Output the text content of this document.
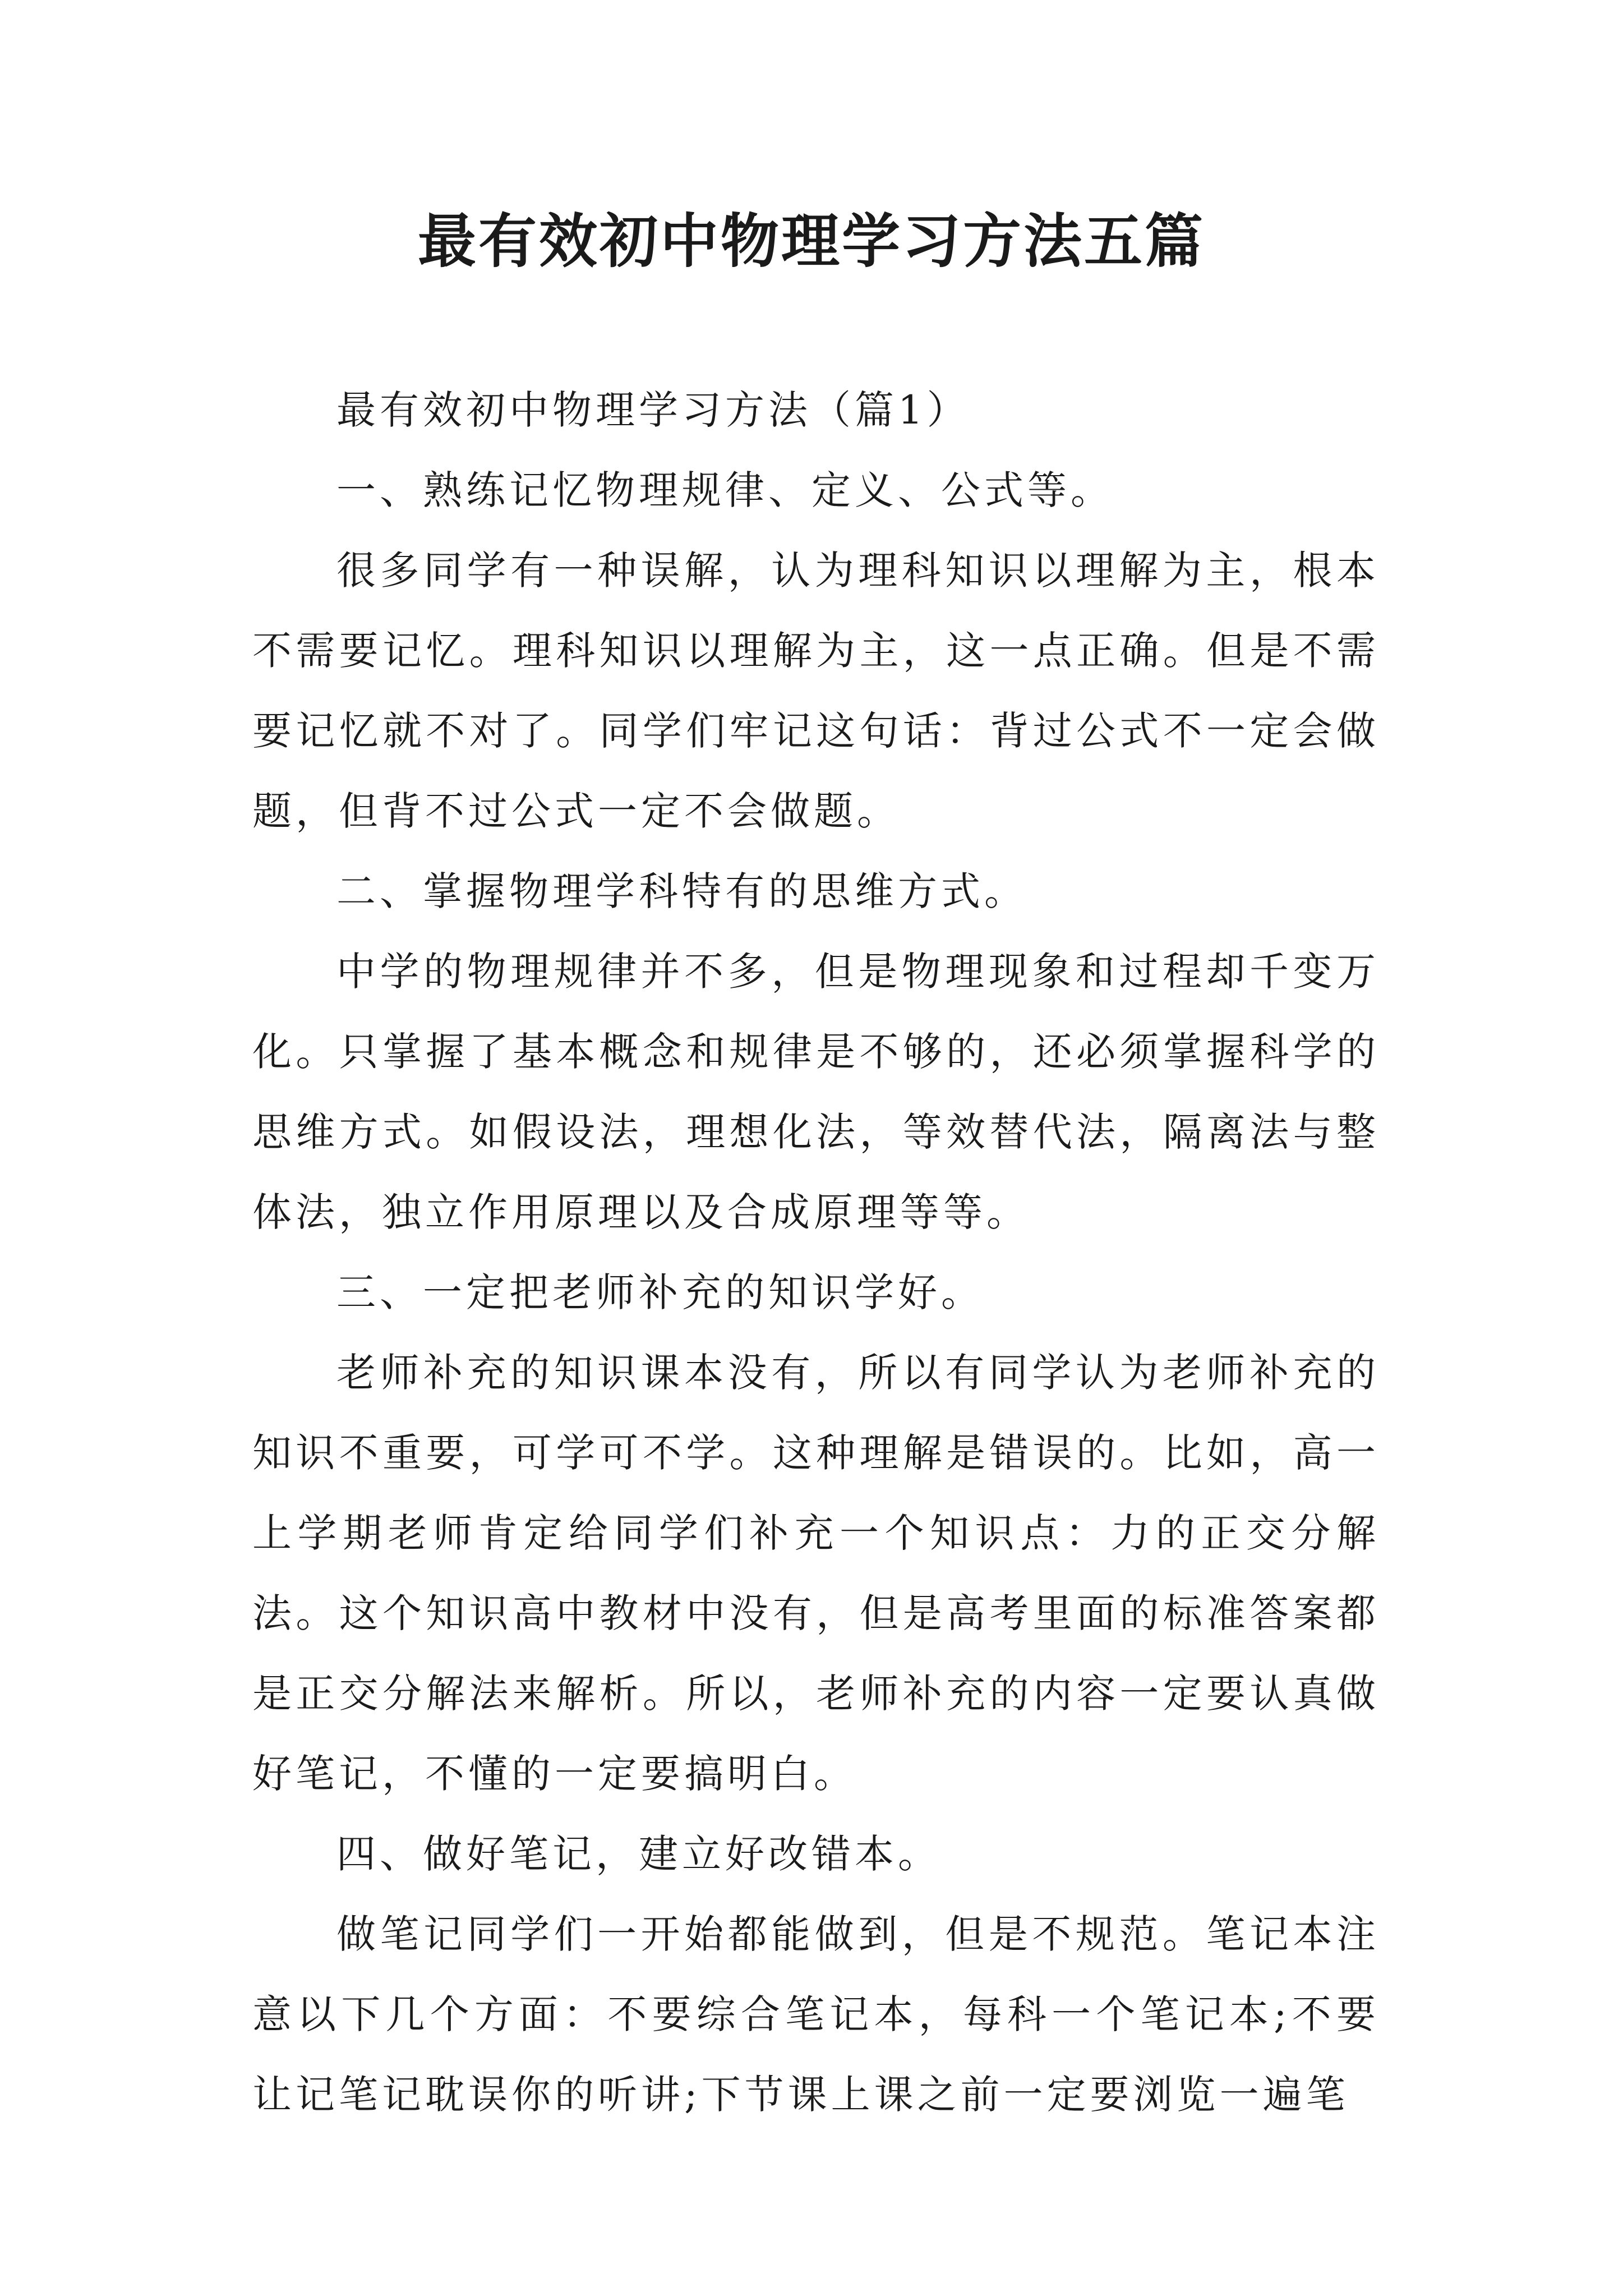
最有效初中物理学习方法五篇

最有效初中物理学习方法（篇1）

一、熟练记忆物理规律、定义、公式等。

很多同学有一种误解，认为理科知识以理解为主，根本不需要记忆。理科知识以理解为主，这一点正确。但是不需要记忆就不对了。同学们牢记这句话：背过公式不一定会做题，但背不过公式一定不会做题。

二、掌握物理学科特有的思维方式。

中学的物理规律并不多，但是物理现象和过程却千变万化。只掌握了基本概念和规律是不够的，还必须掌握科学的思维方式。如假设法，理想化法，等效替代法，隔离法与整体法，独立作用原理以及合成原理等等。

三、一定把老师补充的知识学好。

老师补充的知识课本没有，所以有同学认为老师补充的知识不重要，可学可不学。这种理解是错误的。比如，高一上学期老师肯定给同学们补充一个知识点：力的正交分解法。这个知识高中教材中没有，但是高考里面的标准答案都是正交分解法来解析。所以，老师补充的内容一定要认真做好笔记，不懂的一定要搞明白。

四、做好笔记，建立好改错本。

做笔记同学们一开始都能做到，但是不规范。笔记本注意以下几个方面：不要综合笔记本，每科一个笔记本;不要让记笔记耽误你的听讲;下节课上课之前一定要浏览一遍笔
